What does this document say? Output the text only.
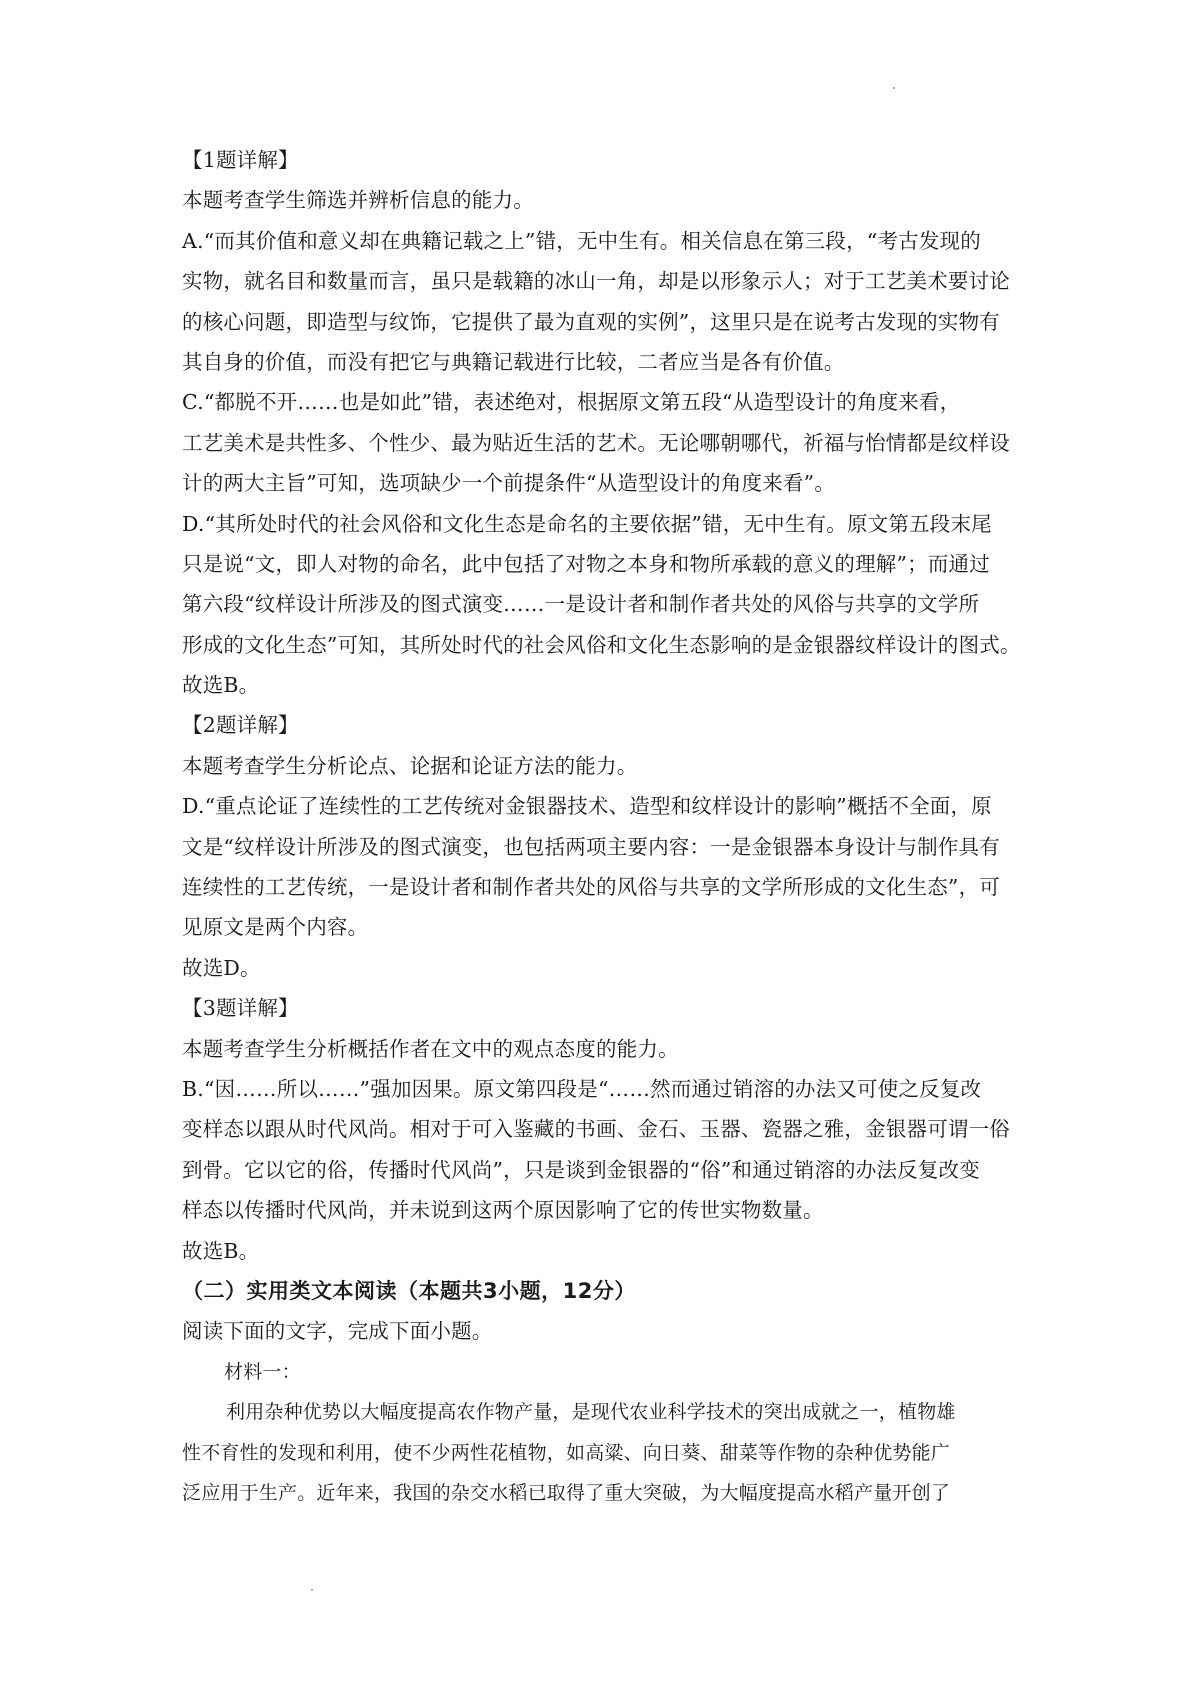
【1题详解】
本题考查学生筛选并辨析信息的能力。
A.“而其价值和意义却在典籍记载之上”错，无中生有。相关信息在第三段，“考古发现的
实物，就名目和数量而言，虽只是载籍的冰山一角，却是以形象示人；对于工艺美术要讨论
的核心问题，即造型与纹饰，它提供了最为直观的实例”，这里只是在说考古发现的实物有
其自身的价值，而没有把它与典籍记载进行比较，二者应当是各有价值。
C.“都脱不开……也是如此”错，表述绝对，根据原文第五段“从造型设计的角度来看，
工艺美术是共性多、个性少、最为贴近生活的艺术。无论哪朝哪代，祈福与怡情都是纹样设
计的两大主旨”可知，选项缺少一个前提条件“从造型设计的角度来看”。
D.“其所处时代的社会风俗和文化生态是命名的主要依据”错，无中生有。原文第五段末尾
只是说“文，即人对物的命名，此中包括了对物之本身和物所承载的意义的理解”；而通过
第六段“纹样设计所涉及的图式演变……一是设计者和制作者共处的风俗与共享的文学所
形成的文化生态”可知，其所处时代的社会风俗和文化生态影响的是金银器纹样设计的图式。
故选B。
【2题详解】
本题考查学生分析论点、论据和论证方法的能力。
D.“重点论证了连续性的工艺传统对金银器技术、造型和纹样设计的影响”概括不全面，原
文是“纹样设计所涉及的图式演变，也包括两项主要内容：一是金银器本身设计与制作具有
连续性的工艺传统，一是设计者和制作者共处的风俗与共享的文学所形成的文化生态”，可
见原文是两个内容。
故选D。
【3题详解】
本题考查学生分析概括作者在文中的观点态度的能力。
B.“因……所以……”强加因果。原文第四段是“……然而通过销溶的办法又可使之反复改
变样态以跟从时代风尚。相对于可入鉴藏的书画、金石、玉器、瓷器之雅，金银器可谓一俗
到骨。它以它的俗，传播时代风尚”，只是谈到金银器的“俗”和通过销溶的办法反复改变
样态以传播时代风尚，并未说到这两个原因影响了它的传世实物数量。
故选B。
（二）实用类文本阅读（本题共3小题，12分）
阅读下面的文字，完成下面小题。
材料一：
利用杂种优势以大幅度提高农作物产量，是现代农业科学技术的突出成就之一，植物雄
性不育性的发现和利用，使不少两性花植物，如高粱、向日葵、甜菜等作物的杂种优势能广
泛应用于生产。近年来，我国的杂交水稻已取得了重大突破，为大幅度提高水稻产量开创了
